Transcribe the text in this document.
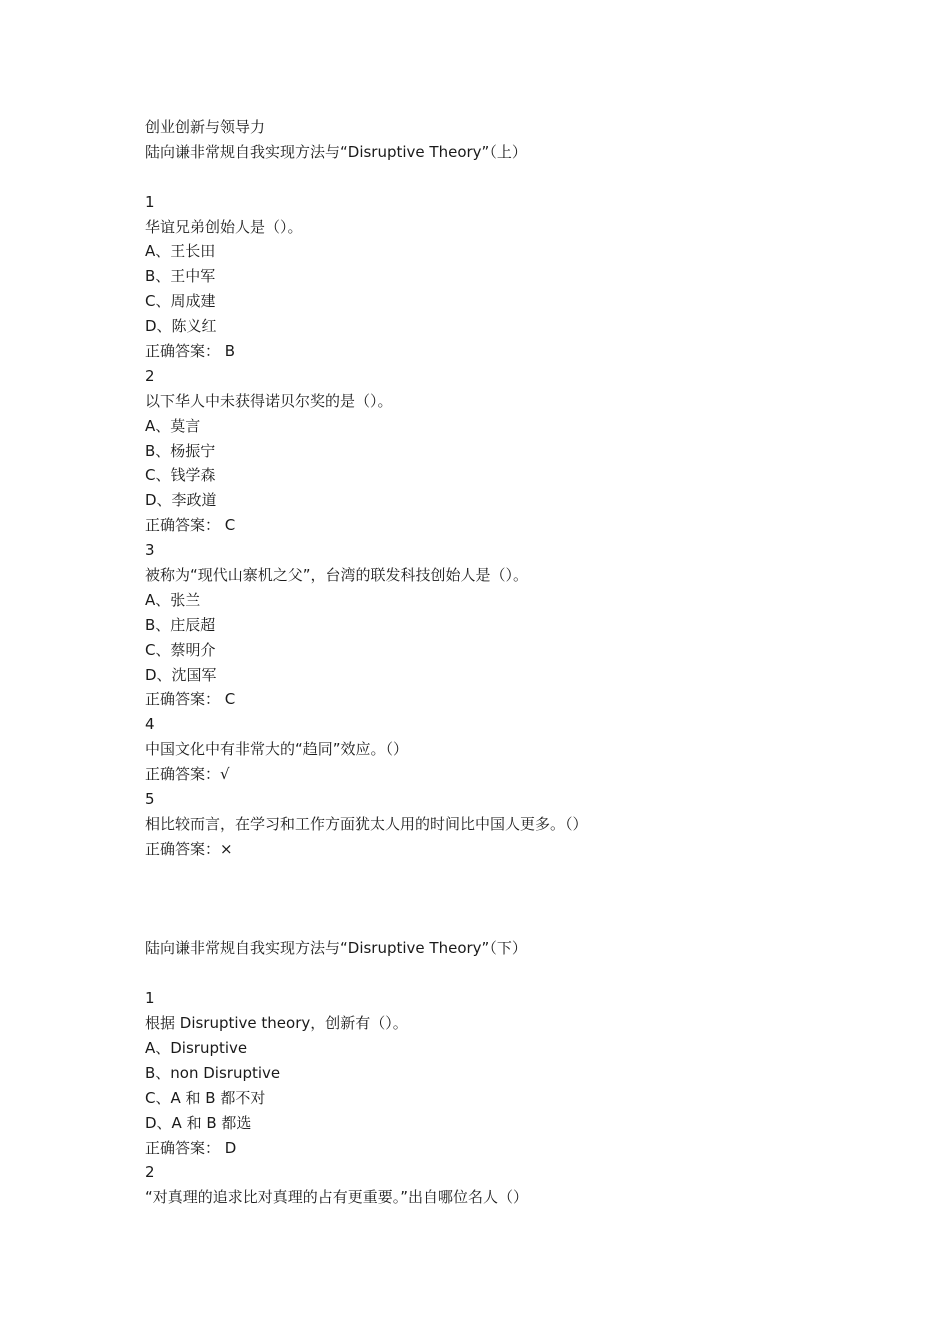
创业创新与领导力
陆向谦非常规自我实现方法与“Disruptive Theory”（上）
1
华谊兄弟创始人是（）。
A、王长田
B、王中军
C、周成建
D、陈义红
正确答案： B
2
以下华人中未获得诺贝尔奖的是（）。
A、莫言
B、杨振宁
C、钱学森
D、李政道
正确答案： C
3
被称为“现代山寨机之父”，台湾的联发科技创始人是（）。
A、张兰
B、庄辰超
C、蔡明介
D、沈国军
正确答案： C
4
中国文化中有非常大的“趋同”效应。（）
正确答案：√
5
相比较而言，在学习和工作方面犹太人用的时间比中国人更多。（）
正确答案：×
陆向谦非常规自我实现方法与“Disruptive Theory”（下）
1
根据 Disruptive theory，创新有（）。
A、Disruptive
B、non Disruptive
C、A 和 B 都不对
D、A 和 B 都选
正确答案： D
2
“对真理的追求比对真理的占有更重要。”出自哪位名人（）
